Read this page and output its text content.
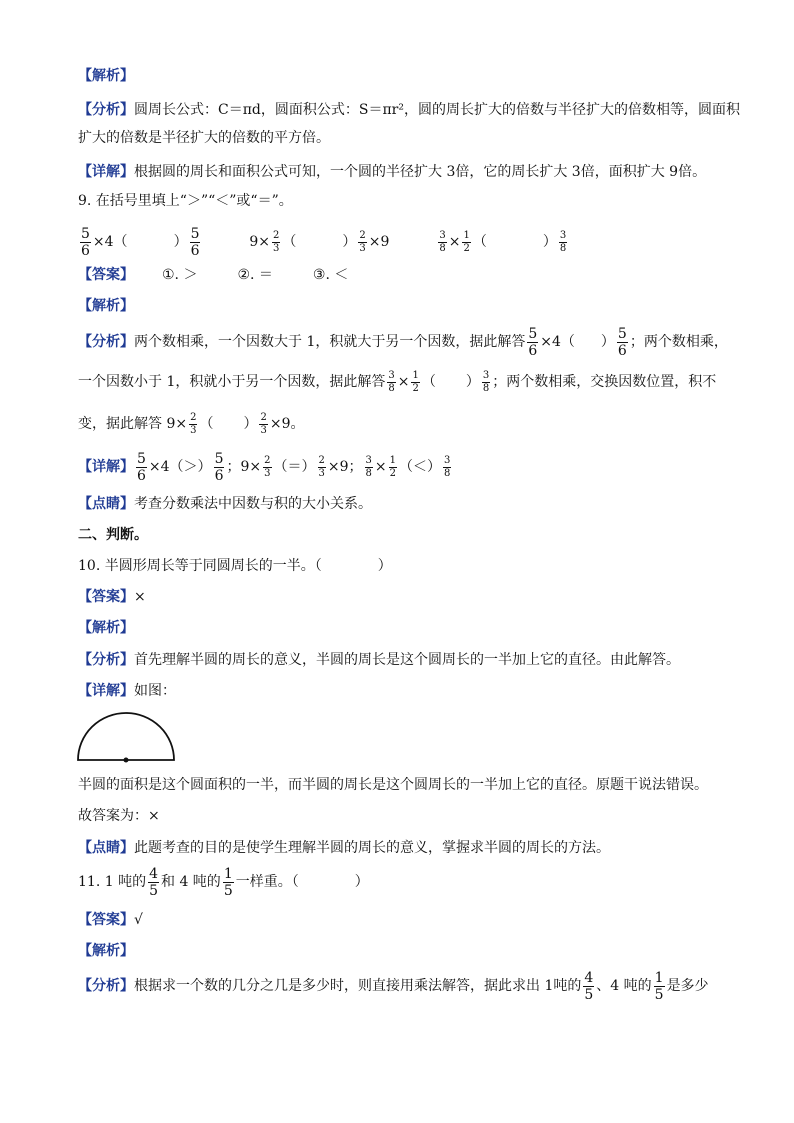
【解析】
【分析】圆周长公式：C＝πd，圆面积公式：S＝πr²，圆的周长扩大的倍数与半径扩大的倍数相等，圆面积
扩大的倍数是半径扩大的倍数的平方倍。
【详解】根据圆的周长和面积公式可知，一个圆的半径扩大 3倍，它的周长扩大 3倍，面积扩大 9倍。
9. 在括号里填上“＞”“＜”或“＝”。
$\frac{5}{6} \times 4$（	） $\frac{5}{6}$	$9\times \frac{2}{3}$ （	） $\frac{2}{3} \times 9$	$\frac{3}{8} \times \frac{1}{2}$ （	） $\frac{3}{8}$
【答案】 ①. ＞	②. ＝	③. ＜
【解析】
【分析】两个数相乘，一个因数大于 1，积就大于另一个因数，据此解答 $\frac{5}{6} \times 4$（ ） $\frac{5}{6}$ ；两个数相乘，
一个因数小于 1，积就小于另一个因数，据此解答 $\frac{3}{8} \times \frac{1}{2}$ （ ） $\frac{3}{8}$ ；两个数相乘，交换因数位置，积不
变，据此解答 $9\times \frac{2}{3}$ （ ） $\frac{2}{3} \times 9$。
【详解】 $\frac{5}{6} \times 4(>) \frac{5}{6}$ ；$9\times \frac{2}{3}$ （＝） $\frac{2}{3} \times 9$； $\frac{3}{8} \times \frac{1}{2}$ （＜） $\frac{3}{8}$
【点睛】考查分数乘法中因数与积的大小关系。
二、判断。
10. 半圆形周长等于同圆周长的一半。（	）
【答案】×
【解析】
【分析】首先理解半圆的周长的意义，半圆的周长是这个圆周长的一半加上它的直径。由此解答。
【详解】如图：
半圆的面积是这个圆面积的一半，而半圆的周长是这个圆周长的一半加上它的直径。原题干说法错误。
故答案为：×
【点睛】此题考查的目的是使学生理解半圆的周长的意义，掌握求半圆的周长的方法。
11. 1 吨的 $\frac{4}{5}$ 和 4 吨的 $\frac{1}{5}$ 一样重。（	）
【答案】√
【解析】
【分析】根据求一个数的几分之几是多少时，则直接用乘法解答，据此求出 1吨的 $\frac{4}{5}$ 、4 吨的 $\frac{1}{5}$ 是多少
